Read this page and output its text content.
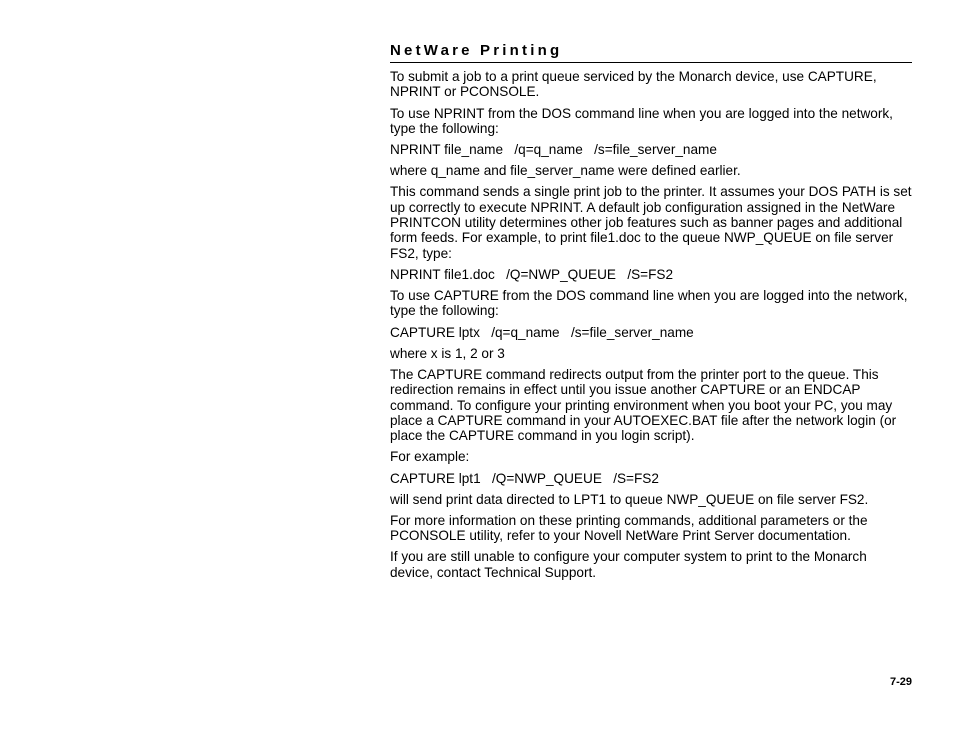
NetWare Printing

To submit a job to a print queue serviced by the Monarch device, use CAPTURE, NPRINT or PCONSOLE.

To use NPRINT from the DOS command line when you are logged into the network, type the following:

NPRINT file_name   /q=q_name   /s=file_server_name

where q_name and file_server_name were defined earlier.

This command sends a single print job to the printer. It assumes your DOS PATH is set up correctly to execute NPRINT. A default job configuration assigned in the NetWare PRINTCON utility determines other job features such as banner pages and additional form feeds. For example, to print file1.doc to the queue NWP_QUEUE on file server FS2, type:

NPRINT file1.doc   /Q=NWP_QUEUE   /S=FS2

To use CAPTURE from the DOS command line when you are logged into the network, type the following:

CAPTURE lptx   /q=q_name   /s=file_server_name

where x is 1, 2 or 3

The CAPTURE command redirects output from the printer port to the queue. This redirection remains in effect until you issue another CAPTURE or an ENDCAP command. To configure your printing environment when you boot your PC, you may place a CAPTURE command in your AUTOEXEC.BAT file after the network login (or place the CAPTURE command in you login script).

For example:

CAPTURE lpt1   /Q=NWP_QUEUE   /S=FS2

will send print data directed to LPT1 to queue NWP_QUEUE on file server FS2.

For more information on these printing commands, additional parameters or the PCONSOLE utility, refer to your Novell NetWare Print Server documentation.

If you are still unable to configure your computer system to print to the Monarch device, contact Technical Support.

7-29
